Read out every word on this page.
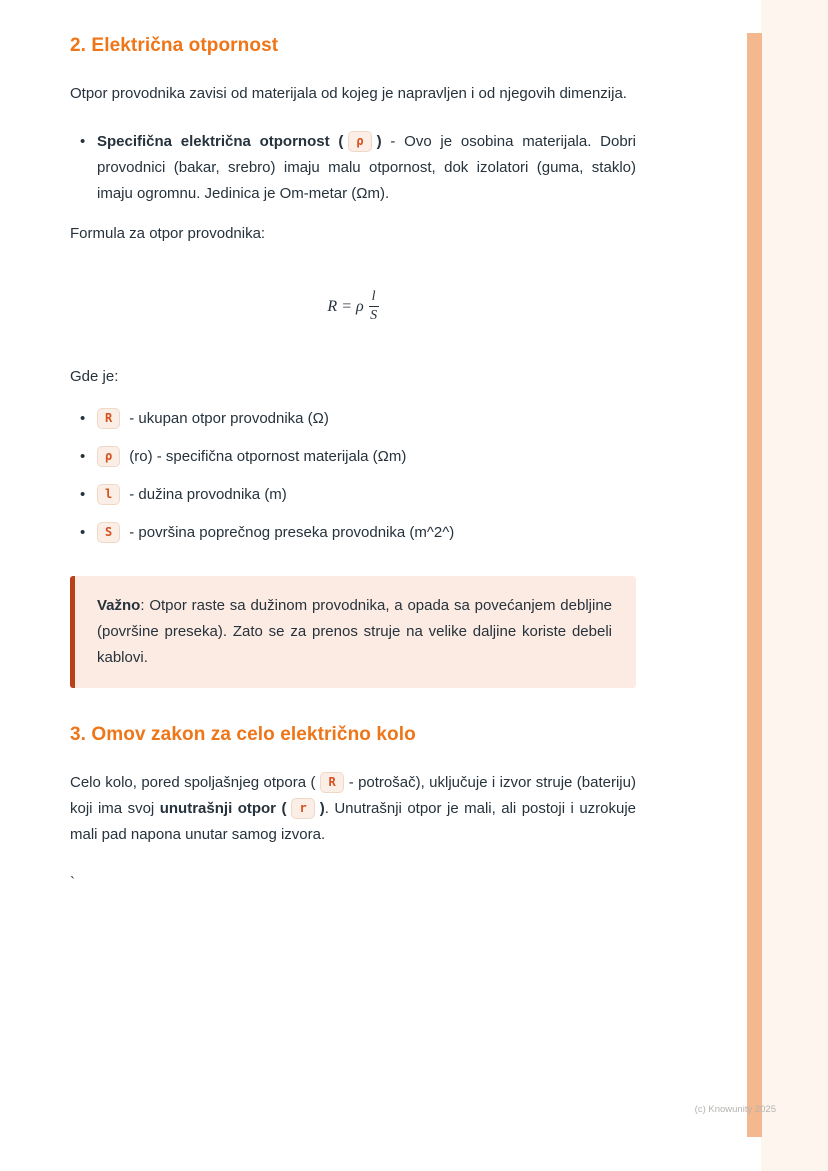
2. Električna otpornost

Otpor provodnika zavisi od materijala od kojeg je napravljen i od njegovih dimenzija.

•

Specifična električna otpornost ( ρ ) - Ovo je osobina materijala. Dobri provodnici (bakar, srebro) imaju malu otpornost, dok izolatori (guma, staklo) imaju ogromnu. Jedinica je Om-metar (Ωm).

Formula za otpor provodnika:

R = ρ $\frac{l}{S}$

Gde je:

•
R - ukupan otpor provodnika (Ω)
•
ρ (ro) - specifična otpornost materijala (Ωm)
•
l - dužina provodnika (m)
•
S - površina poprečnog preseka provodnika (m^2^)

Važno: Otpor raste sa dužinom provodnika, a opada sa povećanjem debljine (površine preseka). Zato se za prenos struje na velike daljine koriste debeli kablovi.

3. Omov zakon za celo električno kolo

Celo kolo, pored spoljašnjeg otpora ( R - potrošač), uključuje i izvor struje (bateriju) koji ima svoj unutrašnji otpor ( r ). Unutrašnji otpor je mali, ali postoji i uzrokuje mali pad napona unutar samog izvora.

`

(c) Knowunity 2025
